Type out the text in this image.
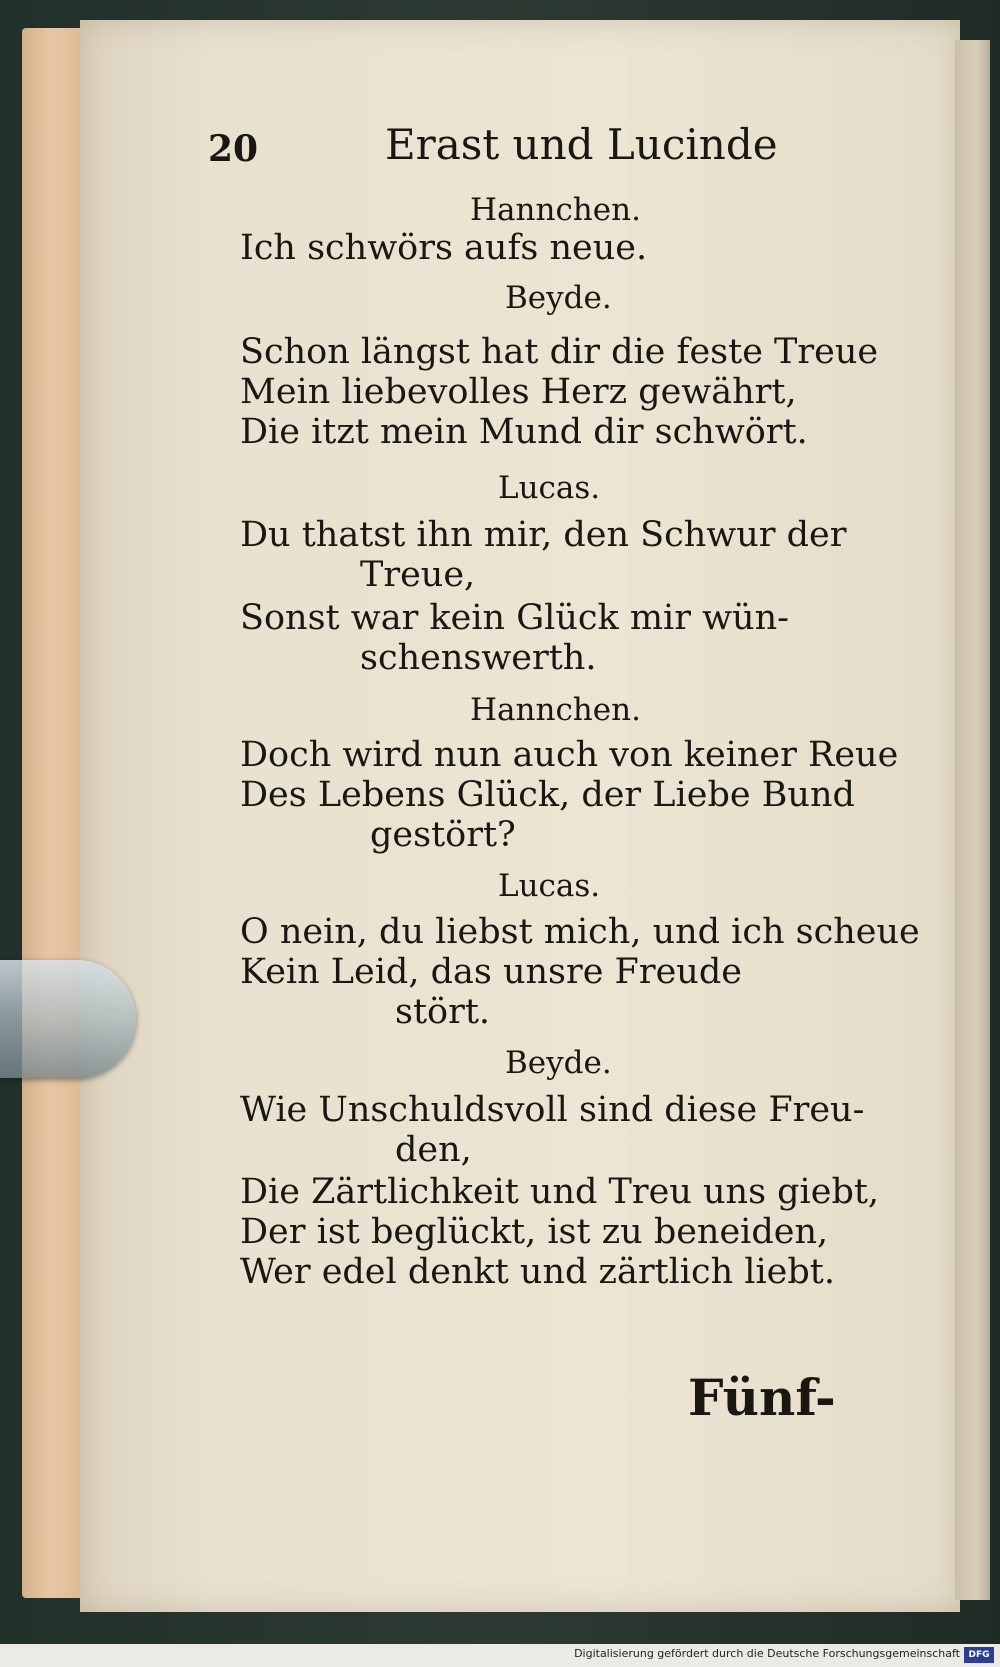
20	Erast und Lucinde
Hannchen.
Ich schwörs aufs neue.
Beyde.
Schon längst hat dir die feste Treue
Mein liebevolles Herz gewährt,
Die itzt mein Mund dir schwört.
Lucas.
Du thatst ihn mir, den Schwur der
Treue,
Sonst war kein Glück mir wün-
schenswerth.
Hannchen.
Doch wird nun auch von keiner Reue
Des Lebens Glück, der Liebe Bund
gestört?
Lucas.
O nein, du liebst mich, und ich scheue
Kein Leid, das unsre Freude
stört.
Beyde.
Wie Unschuldsvoll sind diese Freu-
den,
Die Zärtlichkeit und Treu uns giebt,
Der ist beglückt, ist zu beneiden,
Wer edel denkt und zärtlich liebt.
Fünf-
Digitalisierung gefördert durch die Deutsche Forschungsgemeinschaft DFG
